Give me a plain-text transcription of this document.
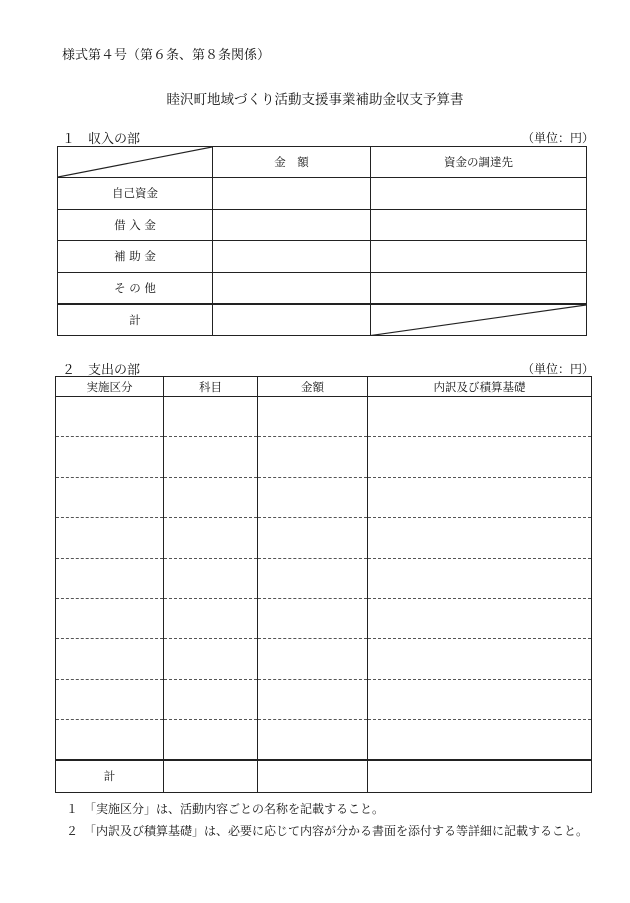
様式第４号（第６条、第８条関係）
睦沢町地域づくり活動支援事業補助金収支予算書
１　収入の部	（単位：円）
	金　額	資金の調達先
自己資金		
借 入 金		
補 助 金		
そ の 他		
計		
２　支出の部	（単位：円）
実施区分	科目	金額	内訳及び積算基礎

計			
１　「実施区分」は、活動内容ごとの名称を記載すること。
２　「内訳及び積算基礎」は、必要に応じて内容が分かる書面を添付する等詳細に記載すること。
